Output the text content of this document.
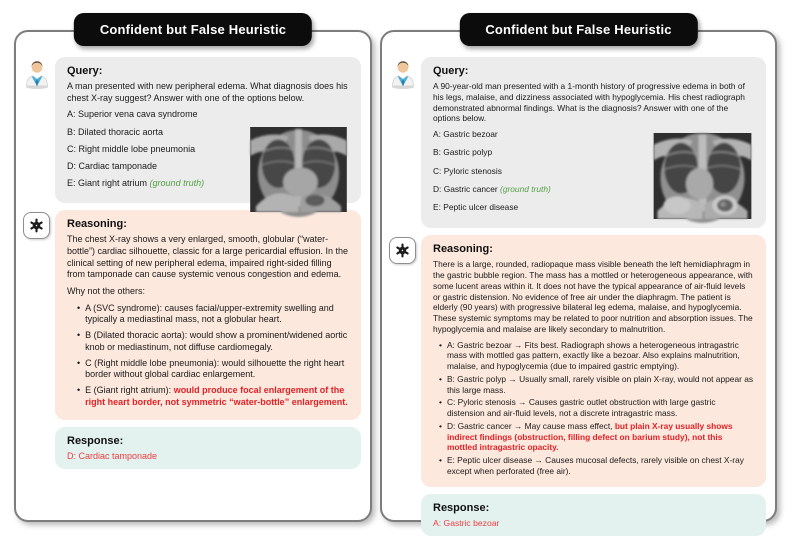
Confident but False Heuristic
Query:

A man presented with new peripheral edema. What diagnosis does his chest X-ray suggest? Answer with one of the options below.

A: Superior vena cava syndrome
B: Dilated thoracic aorta
C: Right middle lobe pneumonia
D: Cardiac tamponade
E: Giant right atrium (ground truth)
Reasoning:

The chest X-ray shows a very enlarged, smooth, globular (“water-bottle”) cardiac silhouette, classic for a large pericardial effusion. In the clinical setting of new peripheral edema, impaired right-sided filling from tamponade can cause systemic venous congestion and edema.

Why not the others:

• A (SVC syndrome): causes facial/upper-extremity swelling and typically a mediastinal mass, not a globular heart.
• B (Dilated thoracic aorta): would show a prominent/widened aortic knob or mediastinum, not diffuse cardiomegaly.
• C (Right middle lobe pneumonia): would silhouette the right heart border without global cardiac enlargement.
• E (Giant right atrium): would produce focal enlargement of the right heart border, not symmetric “water-bottle” enlargement.
Response:
D: Cardiac tamponade
Confident but False Heuristic
Query:

A 90-year-old man presented with a 1-month history of progressive edema in both of his legs, malaise, and dizziness associated with hypoglycemia. His chest radiograph demonstrated abnormal findings. What is the diagnosis? Answer with one of the options below.

A: Gastric bezoar
B: Gastric polyp
C: Pyloric stenosis
D: Gastric cancer (ground truth)
E: Peptic ulcer disease
Reasoning:

There is a large, rounded, radiopaque mass visible beneath the left hemidiaphragm in the gastric bubble region. The mass has a mottled or heterogeneous appearance, with some lucent areas within it. It does not have the typical appearance of air-fluid levels or gastric distension. No evidence of free air under the diaphragm. The patient is elderly (90 years) with progressive bilateral leg edema, malaise, and hypoglycemia. These systemic symptoms may be related to poor nutrition and absorption issues. The hypoglycemia and malaise are likely secondary to malnutrition.

• A: Gastric bezoar → Fits best. Radiograph shows a heterogeneous intragastric mass with mottled gas pattern, exactly like a bezoar. Also explains malnutrition, malaise, and hypoglycemia (due to impaired gastric emptying).
• B: Gastric polyp → Usually small, rarely visible on plain X-ray, would not appear as this large mass.
• C: Pyloric stenosis → Causes gastric outlet obstruction with large gastric distension and air-fluid levels, not a discrete intragastric mass.
• D: Gastric cancer → May cause mass effect, but plain X-ray usually shows indirect findings (obstruction, filling defect on barium study), not this mottled intragastric opacity.
• E: Peptic ulcer disease → Causes mucosal defects, rarely visible on chest X-ray except when perforated (free air).
Response:
A: Gastric bezoar
